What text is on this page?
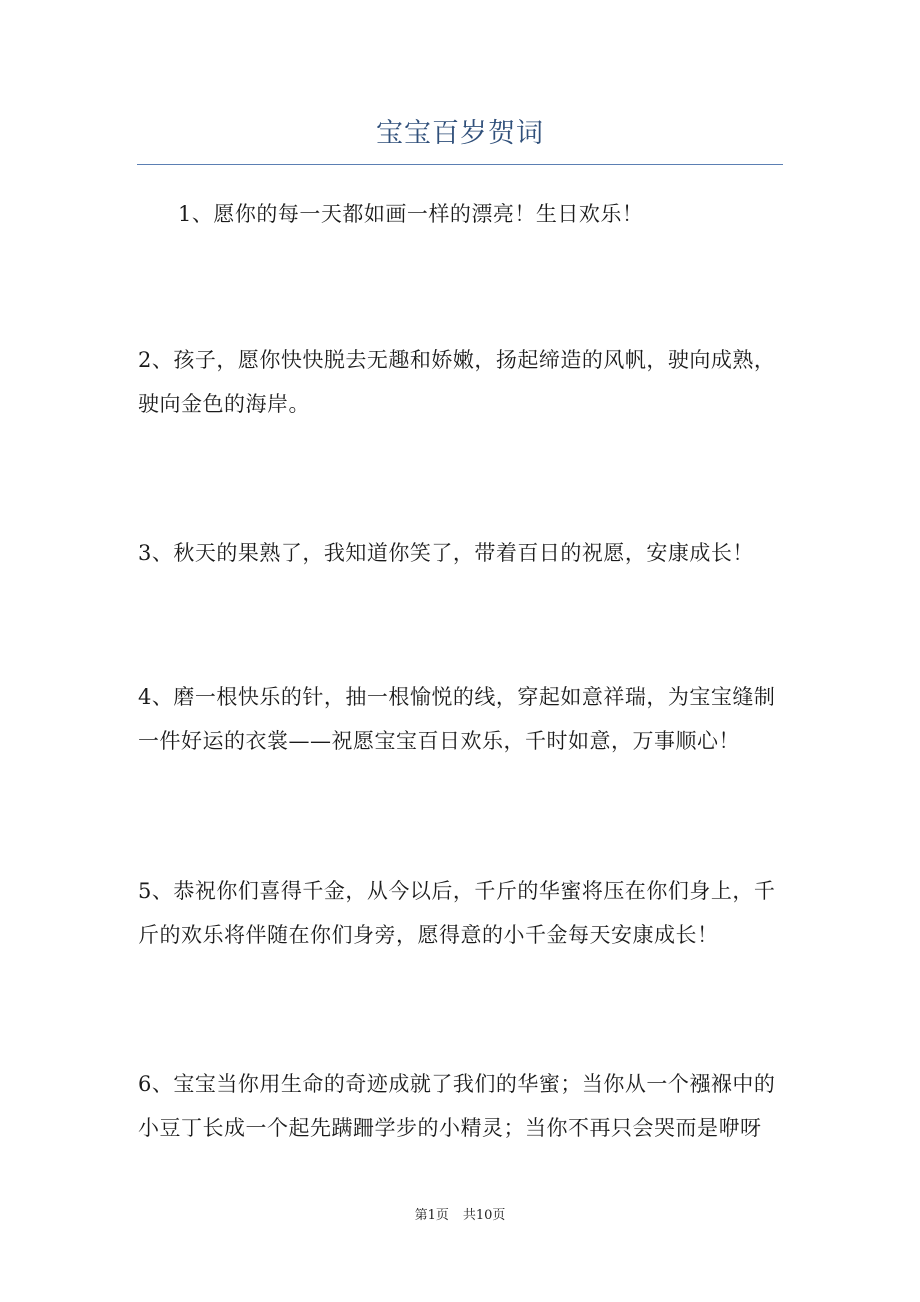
宝宝百岁贺词

1、愿你的每一天都如画一样的漂亮！生日欢乐！

2、孩子，愿你快快脱去无趣和娇嫩，扬起缔造的风帆，驶向成熟，驶向金色的海岸。

3、秋天的果熟了，我知道你笑了，带着百日的祝愿，安康成长！

4、磨一根快乐的针，抽一根愉悦的线，穿起如意祥瑞，为宝宝缝制一件好运的衣裳——祝愿宝宝百日欢乐，千时如意，万事顺心！

5、恭祝你们喜得千金，从今以后，千斤的华蜜将压在你们身上，千斤的欢乐将伴随在你们身旁，愿得意的小千金每天安康成长！

6、宝宝当你用生命的奇迹成就了我们的华蜜；当你从一个襁褓中的小豆丁长成一个起先蹒跚学步的小精灵；当你不再只会哭而是咿呀

第1页 共10页
